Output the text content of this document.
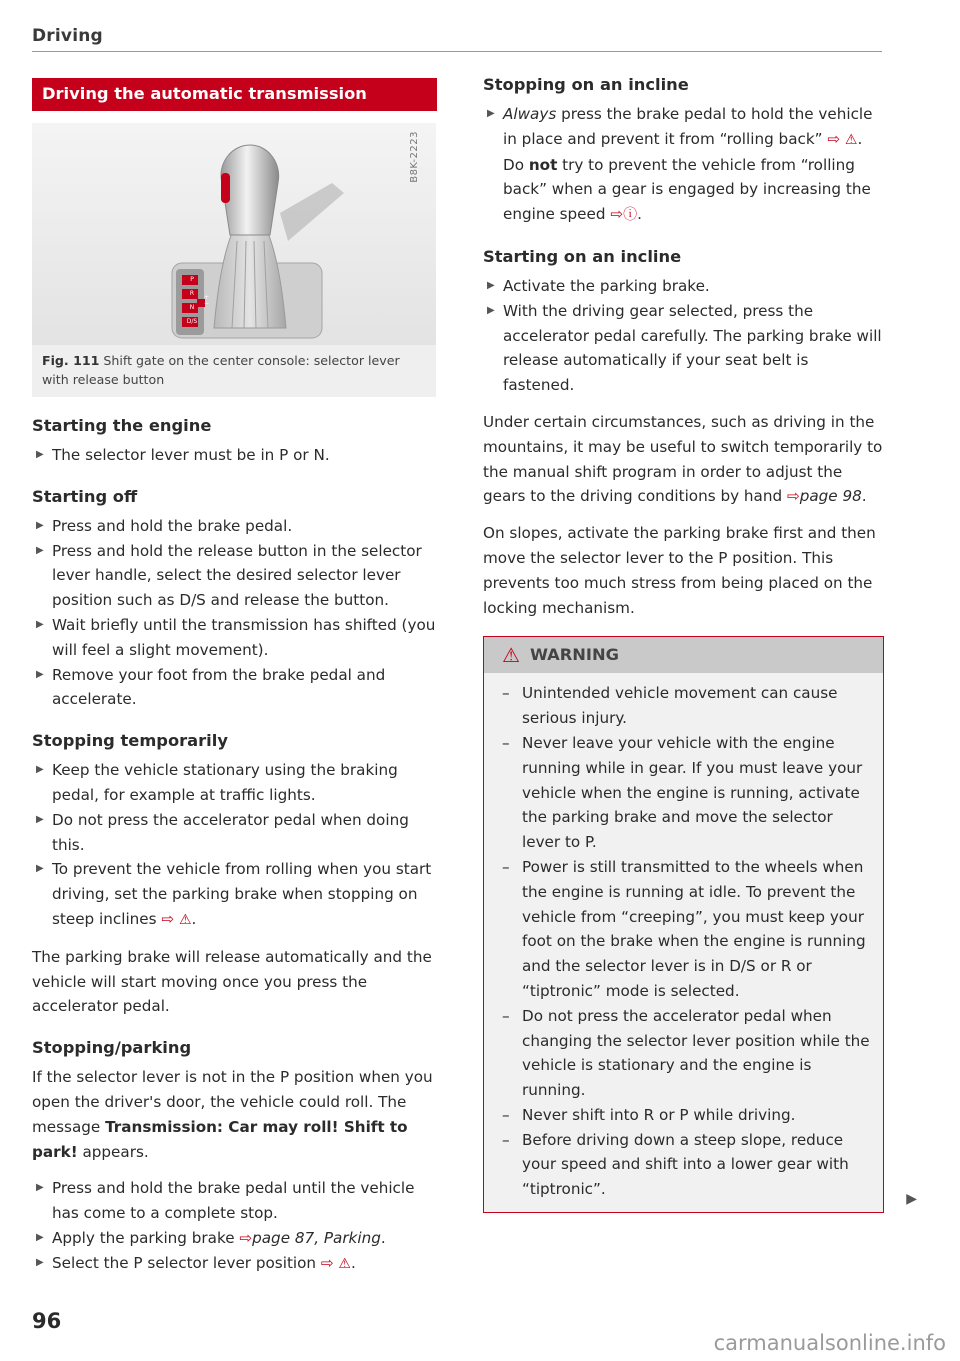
Driving
Driving the automatic transmission
B8K-2223
P
R
N
D/S
+
−
Fig. 111 Shift gate on the center console: selector lever with release button
Starting the engine
▶ The selector lever must be in P or N.
Starting off
▶ Press and hold the brake pedal.
▶ Press and hold the release button in the selector lever handle, select the desired selector lever position such as D/S and release the button.
▶ Wait briefly until the transmission has shifted (you will feel a slight movement).
▶ Remove your foot from the brake pedal and accelerate.
Stopping temporarily
▶ Keep the vehicle stationary using the braking pedal, for example at traffic lights.
▶ Do not press the accelerator pedal when doing this.
▶ To prevent the vehicle from rolling when you start driving, set the parking brake when stopping on steep inclines ⇨ ⚠.

The parking brake will release automatically and the vehicle will start moving once you press the accelerator pedal.

Stopping/parking

If the selector lever is not in the P position when you open the driver's door, the vehicle could roll. The message Transmission: Car may roll! Shift to park! appears.

▶ Press and hold the brake pedal until the vehicle has come to a complete stop.
▶ Apply the parking brake ⇨page 87, Parking.
▶ Select the P selector lever position ⇨ ⚠.
Stopping on an incline
▶ Always press the brake pedal to hold the vehicle in place and prevent it from “rolling back” ⇨ ⚠. Do not try to prevent the vehicle from “rolling back” when a gear is engaged by increasing the engine speed ⇨ⓘ.
Starting on an incline
▶ Activate the parking brake.
▶ With the driving gear selected, press the accelerator pedal carefully. The parking brake will release automatically if your seat belt is fastened.

Under certain circumstances, such as driving in the mountains, it may be useful to switch temporarily to the manual shift program in order to adjust the gears to the driving conditions by hand ⇨page 98.

On slopes, activate the parking brake first and then move the selector lever to the P position. This prevents too much stress from being placed on the locking mechanism.

⚠ WARNING
– Unintended vehicle movement can cause serious injury.
– Never leave your vehicle with the engine running while in gear. If you must leave your vehicle when the engine is running, activate the parking brake and move the selector lever to P.
– Power is still transmitted to the wheels when the engine is running at idle. To prevent the vehicle from “creeping”, you must keep your foot on the brake when the engine is running and the selector lever is in D/S or R or “tiptronic” mode is selected.
– Do not press the accelerator pedal when changing the selector lever position while the vehicle is stationary and the engine is running.
– Never shift into R or P while driving.
– Before driving down a steep slope, reduce your speed and shift into a lower gear with “tiptronic”.
▶
96
carmanualsonline.info
